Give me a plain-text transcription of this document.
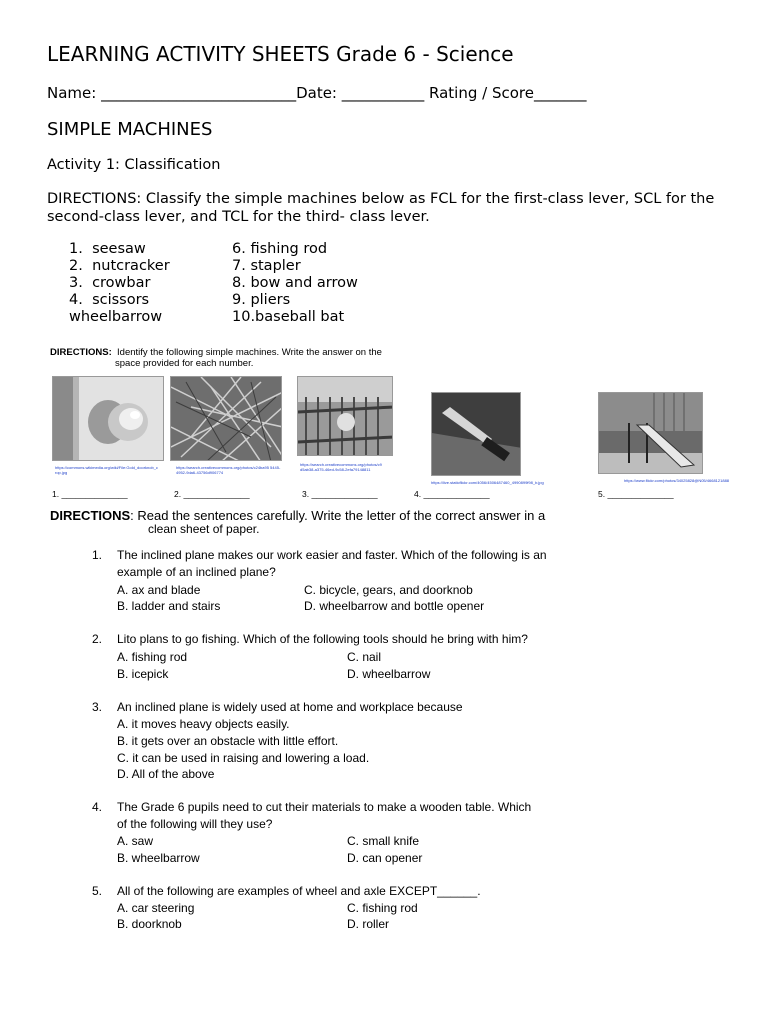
LEARNING ACTIVITY SHEETS Grade 6 - Science
Name: __________________________Date: ___________ Rating / Score_______
SIMPLE MACHINES
Activity 1: Classification
DIRECTIONS: Classify the simple machines below as FCL for the first-class lever, SCL for the second-class lever, and TCL for the third- class lever.
1. seesaw
2. nutcracker
3. crowbar
4. scissors
wheelbarrow
6. fishing rod
7. stapler
8. bow and arrow
9. pliers
10.baseball bat
DIRECTIONS: Identify the following simple machines. Write the answer on the
space provided for each number.
https://commons.wikimedia.org/wiki/File:Gold_doorknob_c rop.jpg
1. ______________
https://search.creativecommons.org/photos/c24ba95 5445-4952-9da6-43756d906774
2. ______________
https://search.creativecommons.org/photos/c9 d5ab38-a375-46ed-9c58-2efa79148811
3. ______________
https://live.staticflickr.com/4056/4506487460_4990899f98_b.jpg
4. ______________
https://www.flickr.com/photos/34025828@N05/4668121888
5. ______________
DIRECTIONS: Read the sentences carefully. Write the letter of the correct answer in a
clean sheet of paper.
1. The inclined plane makes our work easier and faster. Which of the following is an
example of an inclined plane?
A. ax and blade	C. bicycle, gears, and doorknob
B. ladder and stairs	D. wheelbarrow and bottle opener
2. Lito plans to go fishing. Which of the following tools should he bring with him?
A. fishing rod	C. nail
B. icepick	D. wheelbarrow
3. An inclined plane is widely used at home and workplace because
A. it moves heavy objects easily.
B. it gets over an obstacle with little effort.
C. it can be used in raising and lowering a load.
D. All of the above
4. The Grade 6 pupils need to cut their materials to make a wooden table. Which
of the following will they use?
A. saw	C. small knife
B. wheelbarrow	D. can opener
5. All of the following are examples of wheel and axle EXCEPT______.
A. car steering	C. fishing rod
B. doorknob	D. roller
